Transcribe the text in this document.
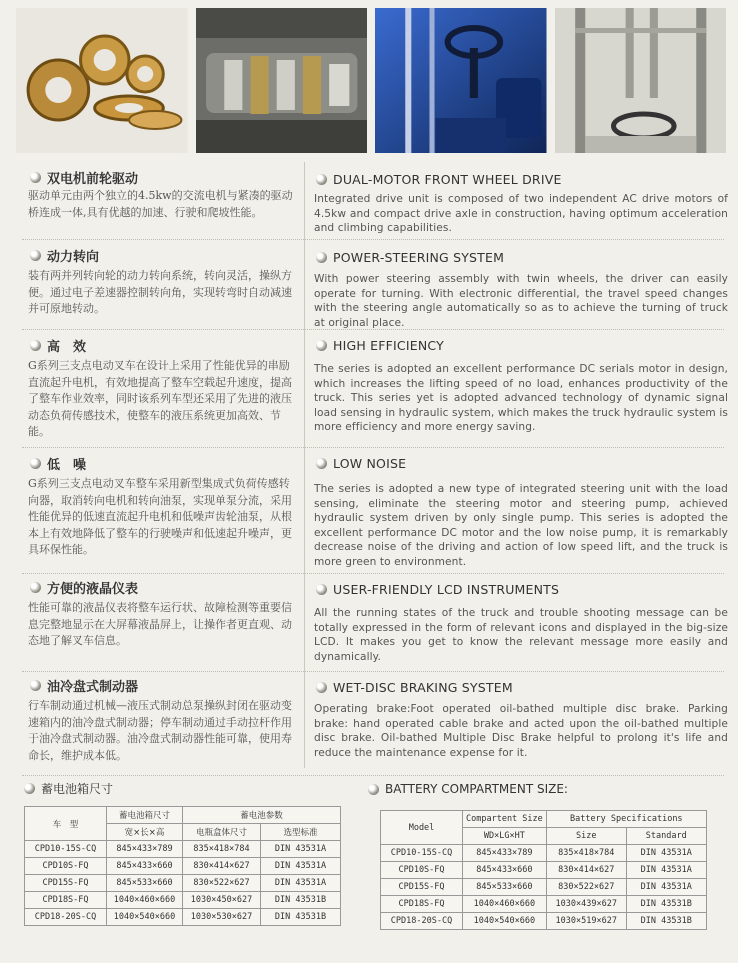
双电机前轮驱动
驱动单元由两个独立的4.5kw的交流电机与紧凑的驱动桥连成一体,具有优越的加速、行驶和爬坡性能。
DUAL-MOTOR FRONT WHEEL DRIVE
Integrated drive unit is composed of two independent AC drive motors of 4.5kw and compact drive axle in construction, having optimum acceleration and climbing capabilities.
动力转向
装有两并列转向轮的动力转向系统，转向灵活，操纵方便。通过电子差速器控制转向角，实现转弯时自动减速并可原地转动。
POWER-STEERING SYSTEM
With power steering assembly with twin wheels, the driver can easily operate for turning. With electronic differential, the travel speed changes with the steering angle automatically so as to achieve the turning of truck at original place.
高　效
G系列三支点电动叉车在设计上采用了性能优异的串励直流起升电机，有效地提高了整车空载起升速度，提高了整车作业效率，同时该系列车型还采用了先进的液压动态负荷传感技术，使整车的液压系统更加高效、节能。
HIGH EFFICIENCY
The series is adopted an excellent performance DC serials motor in design, which increases the lifting speed of no load, enhances productivity of the truck. This series yet is adopted advanced technology of dynamic signal load sensing in hydraulic system, which makes the truck hydraulic system is more efficiency and more energy saving.
低　噪
G系列三支点电动叉车整车采用新型集成式负荷传感转向器，取消转向电机和转向油泵，实现单泵分流，采用性能优异的低速直流起升电机和低噪声齿轮油泵，从根本上有效地降低了整车的行驶噪声和低速起升噪声，更具环保性能。
LOW NOISE
The series is adopted a new type of integrated steering unit with the load sensing, eliminate the steering motor and steering pump, achieved hydraulic system driven by only single pump. This series is adopted the excellent performance DC motor and the low noise pump, it is remarkably decrease noise of the driving and action of low speed lift, and the truck is more green to environment.
方便的液晶仪表
性能可靠的液晶仪表将整车运行状、故障检测等重要信息完整地显示在大屏幕液晶屏上，让操作者更直观、动态地了解叉车信息。
USER-FRIENDLY LCD INSTRUMENTS
All the running states of the truck and trouble shooting message can be totally expressed in the form of relevant icons and displayed in the big-size LCD. It makes you get to know the relevant message more easily and dynamically.
油冷盘式制动器
行车制动通过机械—液压式制动总泵操纵封闭在驱动变速箱内的油冷盘式制动器；停车制动通过手动拉杆作用于油冷盘式制动器。油冷盘式制动器性能可靠，使用寿命长，维护成本低。
WET-DISC BRAKING SYSTEM
Operating brake:Foot operated oil-bathed multiple disc brake. Parking brake: hand operated cable brake and acted upon the oil-bathed multiple disc brake. Oil-bathed Multiple Disc Brake helpful to prolong it's life and reduce the maintenance expense for it.
蓄电池箱尺寸
车　型	蓄电池箱尺寸	蓄电池参数	
	宽×长×高	电瓶盒体尺寸	选型标准
CPD10-15S-CQ	845×433×789	835×418×784	DIN 43531A
CPD10S-FQ	845×433×660	830×414×627	DIN 43531A
CPD15S-FQ	845×533×660	830×522×627	DIN 43531A
CPD18S-FQ	1040×460×660	1030×450×627	DIN 43531B
CPD18-20S-CQ	1040×540×660	1030×530×627	DIN 43531B
BATTERY COMPARTMENT SIZE:
Model	Compartent Size	Battery Specifications	
	WD×LG×HT	Size	Standard
CPD10-15S-CQ	845×433×789	835×418×784	DIN 43531A
CPD10S-FQ	845×433×660	830×414×627	DIN 43531A
CPD15S-FQ	845×533×660	830×522×627	DIN 43531A
CPD18S-FQ	1040×460×660	1030×439×627	DIN 43531B
CPD18-20S-CQ	1040×540×660	1030×519×627	DIN 43531B
